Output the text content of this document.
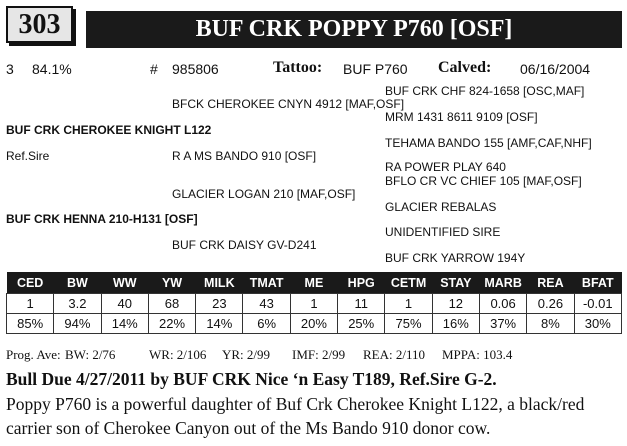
303	BUF CRK POPPY P760 [OSF]
3 84.1%	# 985806	Tattoo: BUF P760 Calved: 06/16/2004
BUF CRK CHF 824-1658 [OSC,MAF]
BFCK CHEROKEE CNYN 4912 [MAF,OSF]
MRM 1431 8611 9109 [OSF]
BUF CRK CHEROKEE KNIGHT L122
TEHAMA BANDO 155 [AMF,CAF,NHF]
Ref.Sire	R A MS BANDO 910 [OSF]
RA POWER PLAY 640
BFLO CR VC CHIEF 105 [MAF,OSF]
GLACIER LOGAN 210 [MAF,OSF]
GLACIER REBALAS
BUF CRK HENNA 210-H131 [OSF]
UNIDENTIFIED SIRE
BUF CRK DAISY GV-D241
BUF CRK YARROW 194Y
CED	BW	WW	YW	MILK	TMAT	ME	HPG	CETM	STAY	MARB	REA	BFAT
1	3.2	40	68	23	43	1	11	1	12	0.06	0.26	-0.01
85%	94%	14%	22%	14%	6%	20%	25%	75%	16%	37%	8%	30%
Prog. Ave: BW: 2/76	WR: 2/106 YR: 2/99 IMF: 2/99 REA: 2/110 MPPA: 103.4
Bull Due 4/27/2011 by BUF CRK Nice ‘n Easy T189, Ref.Sire G-2.
Poppy P760 is a powerful daughter of Buf Crk Cherokee Knight L122, a black/red
carrier son of Cherokee Canyon out of the Ms Bando 910 donor cow.
